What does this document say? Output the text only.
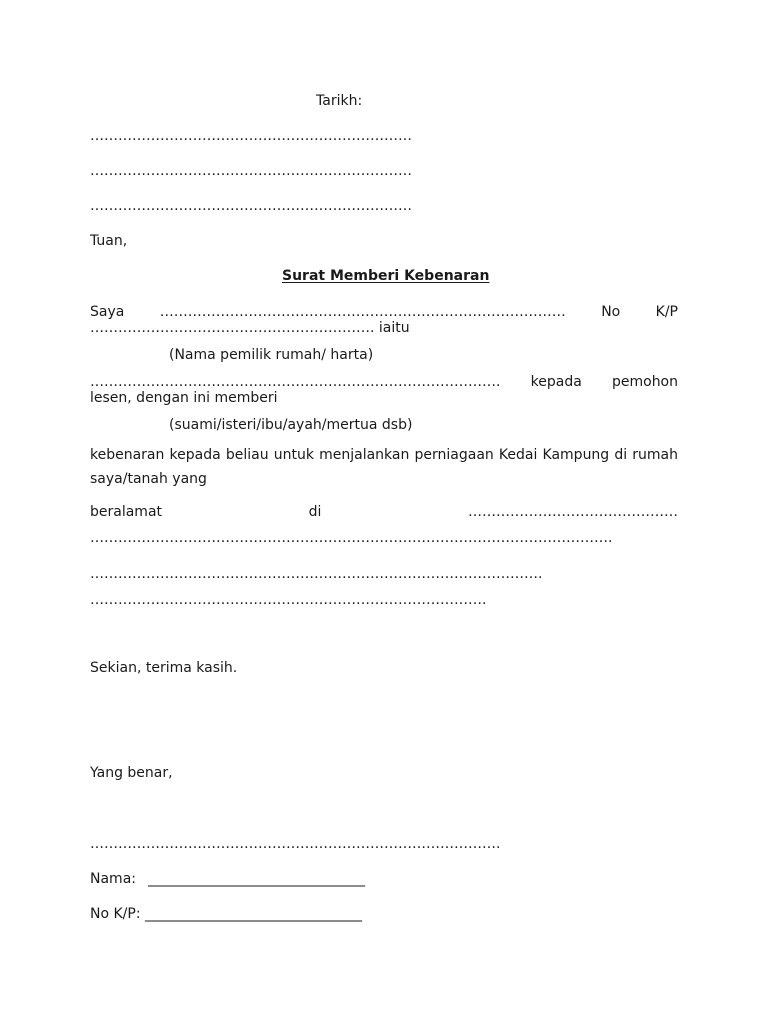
Tarikh:
……………………………………………………………
……………………………………………………………
……………………………………………………………
Tuan,
Surat Memberi Kebenaran
Saya	……………………………………………………………………………	No	K/P
……………………………………………………. iaitu
(Nama pemilik rumah/ harta)
……………………………………………………………………………. kepada pemohon
lesen, dengan ini memberi
(suami/isteri/ibu/ayah/mertua dsb)
kebenaran kepada beliau untuk menjalankan perniagaan Kedai Kampung di rumah saya/tanah yang
beralamat	di	………………………………………
………………………………………………………………………………………………….
…………………………………………………………………………………….
………………………………………………………………………….
Sekian, terima kasih.
Yang benar,
…………………………………………………………………………….
Nama: _______________________________
No K/P: _______________________________
